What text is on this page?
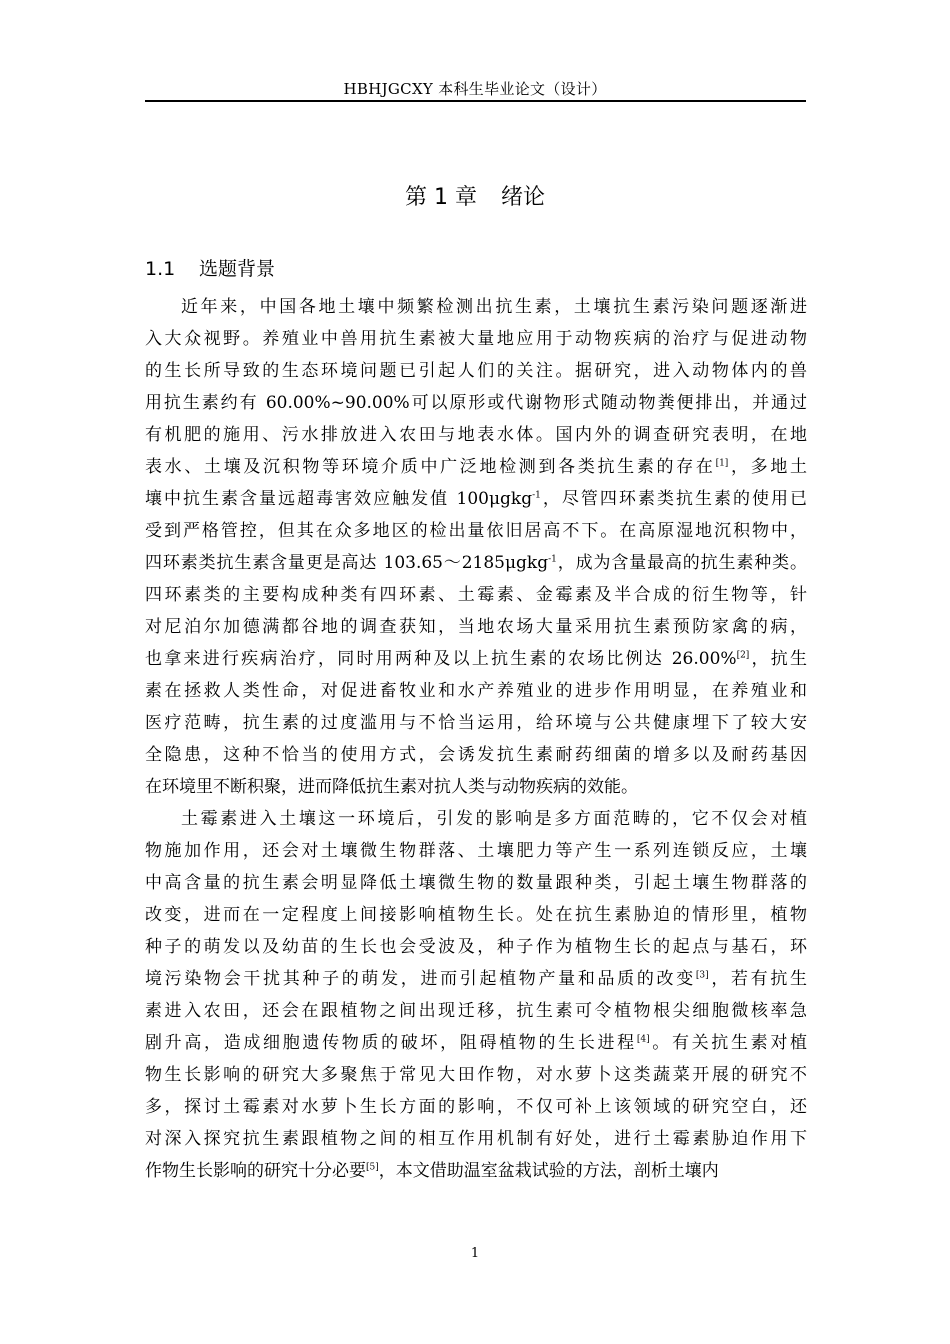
HBHJGCXY 本科生毕业论文（设计）
第 1 章 绪论
1.1 选题背景
近年来，中国各地土壤中频繁检测出抗生素，土壤抗生素污染问题逐渐进
入大众视野。养殖业中兽用抗生素被大量地应用于动物疾病的治疗与促进动物
的生长所导致的生态环境问题已引起人们的关注。据研究，进入动物体内的兽
用抗生素约有 60.00%~90.00%可以原形或代谢物形式随动物粪便排出，并通过
有机肥的施用、污水排放进入农田与地表水体。国内外的调查研究表明，在地
表水、土壤及沉积物等环境介质中广泛地检测到各类抗生素的存在[1]，多地土
壤中抗生素含量远超毒害效应触发值 100μgkg$^{-1}$，尽管四环素类抗生素的使用已
受到严格管控，但其在众多地区的检出量依旧居高不下。在高原湿地沉积物中，
四环素类抗生素含量更是高达 103.65～2185μgkg$^{-1}$，成为含量最高的抗生素种类。
四环素类的主要构成种类有四环素、土霉素、金霉素及半合成的衍生物等，针
对尼泊尔加德满都谷地的调查获知，当地农场大量采用抗生素预防家禽的病，
也拿来进行疾病治疗，同时用两种及以上抗生素的农场比例达 26.00%[2]，抗生
素在拯救人类性命，对促进畜牧业和水产养殖业的进步作用明显，在养殖业和
医疗范畴，抗生素的过度滥用与不恰当运用，给环境与公共健康埋下了较大安
全隐患，这种不恰当的使用方式，会诱发抗生素耐药细菌的增多以及耐药基因
在环境里不断积聚，进而降低抗生素对抗人类与动物疾病的效能。
土霉素进入土壤这一环境后，引发的影响是多方面范畴的，它不仅会对植
物施加作用，还会对土壤微生物群落、土壤肥力等产生一系列连锁反应，土壤
中高含量的抗生素会明显降低土壤微生物的数量跟种类，引起土壤生物群落的
改变，进而在一定程度上间接影响植物生长。处在抗生素胁迫的情形里，植物
种子的萌发以及幼苗的生长也会受波及，种子作为植物生长的起点与基石，环
境污染物会干扰其种子的萌发，进而引起植物产量和品质的改变[3]，若有抗生
素进入农田，还会在跟植物之间出现迁移，抗生素可令植物根尖细胞微核率急
剧升高，造成细胞遗传物质的破坏，阻碍植物的生长进程[4]。有关抗生素对植
物生长影响的研究大多聚焦于常见大田作物，对水萝卜这类蔬菜开展的研究不
多，探讨土霉素对水萝卜生长方面的影响，不仅可补上该领域的研究空白，还
对深入探究抗生素跟植物之间的相互作用机制有好处，进行土霉素胁迫作用下
作物生长影响的研究十分必要[5]，本文借助温室盆栽试验的方法，剖析土壤内
1
